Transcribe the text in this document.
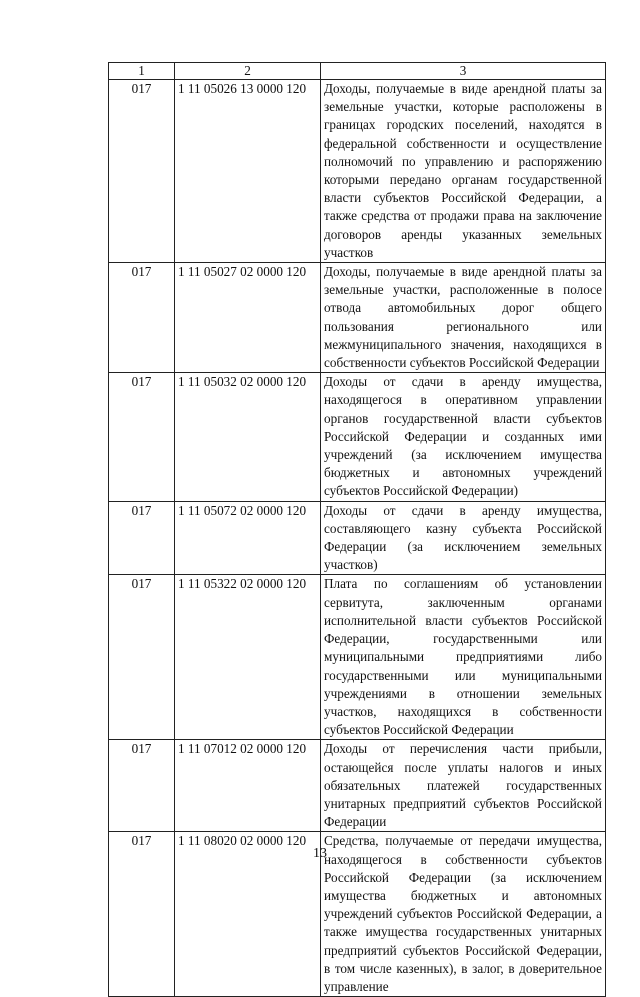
1	2	3
017	1 11 05026 13 0000 120	Доходы, получаемые в виде арендной платы за земельные участки, которые расположены в границах городских поселений, находятся в федеральной собственности и осуществление полномочий по управлению и распоряжению которыми передано органам государственной власти субъектов Российской Федерации, а также средства от продажи права на заключение договоров аренды указанных земельных участков
017	1 11 05027 02 0000 120	Доходы, получаемые в виде арендной платы за земельные участки, расположенные в полосе отвода автомобильных дорог общего пользования регионального или межмуниципального значения, находящихся в собственности субъектов Российской Федерации
017	1 11 05032 02 0000 120	Доходы от сдачи в аренду имущества, находящегося в оперативном управлении органов государственной власти субъектов Российской Федерации и созданных ими учреждений (за исключением имущества бюджетных и автономных учреждений субъектов Российской Федерации)
017	1 11 05072 02 0000 120	Доходы от сдачи в аренду имущества, составляющего казну субъекта Российской Федерации (за исключением земельных участков)
017	1 11 05322 02 0000 120	Плата по соглашениям об установлении сервитута, заключенным органами исполнительной власти субъектов Российской Федерации, государственными или муниципальными предприятиями либо государственными или муниципальными учреждениями в отношении земельных участков, находящихся в собственности субъектов Российской Федерации
017	1 11 07012 02 0000 120	Доходы от перечисления части прибыли, остающейся после уплаты налогов и иных обязательных платежей государственных унитарных предприятий субъектов Российской Федерации
017	1 11 08020 02 0000 120	Средства, получаемые от передачи имущества, находящегося в собственности субъектов Российской Федерации (за исключением имущества бюджетных и автономных учреждений субъектов Российской Федерации, а также имущества государственных унитарных предприятий субъектов Российской Федерации, в том числе казенных), в залог, в доверительное управление
13
